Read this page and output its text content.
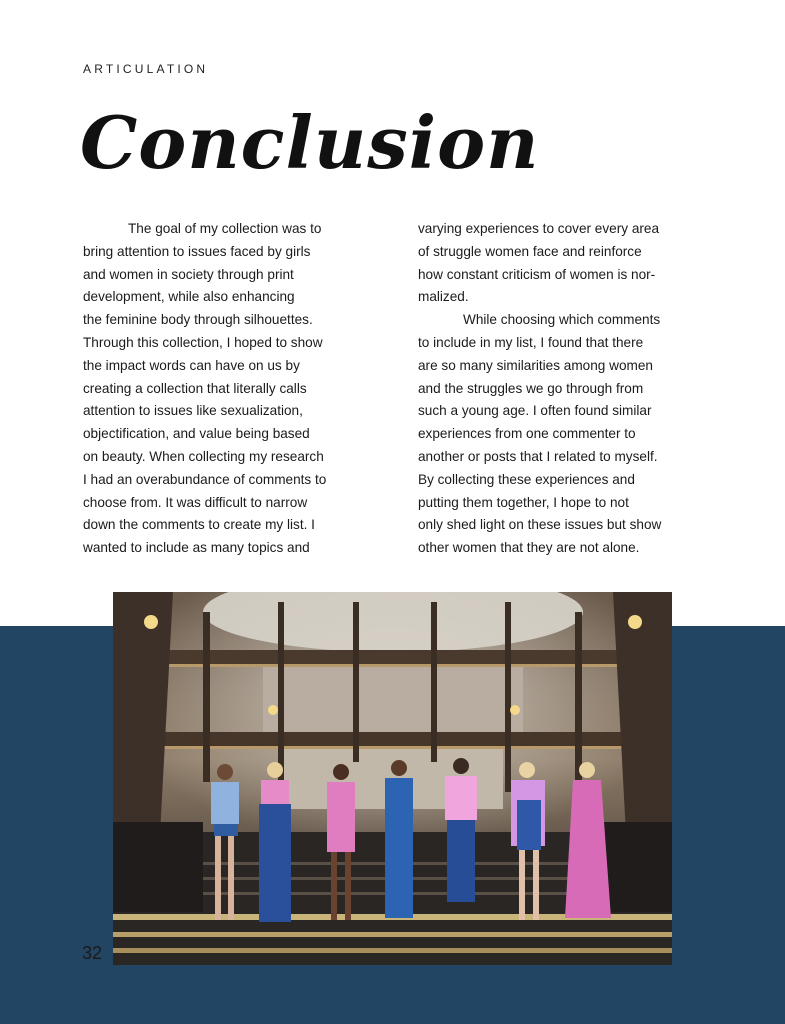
ARTICULATION
Conclusion
The goal of my collection was to
bring attention to issues faced by girls
and women in society through print
development, while also enhancing
the feminine body through silhouettes.
Through this collection, I hoped to show
the impact words can have on us by
creating a collection that literally calls
attention to issues like sexualization,
objectification, and value being based
on beauty. When collecting my research
I had an overabundance of comments to
choose from. It was difficult to narrow
down the comments to create my list. I
wanted to include as many topics and
varying experiences to cover every area
of struggle women face and reinforce
how constant criticism of women is nor-
malized.
While choosing which comments
to include in my list, I found that there
are so many similarities among women
and the struggles we go through from
such a young age. I often found similar
experiences from one commenter to
another or posts that I related to myself.
By collecting these experiences and
putting them together, I hope to not
only shed light on these issues but show
other women that they are not alone.
32
